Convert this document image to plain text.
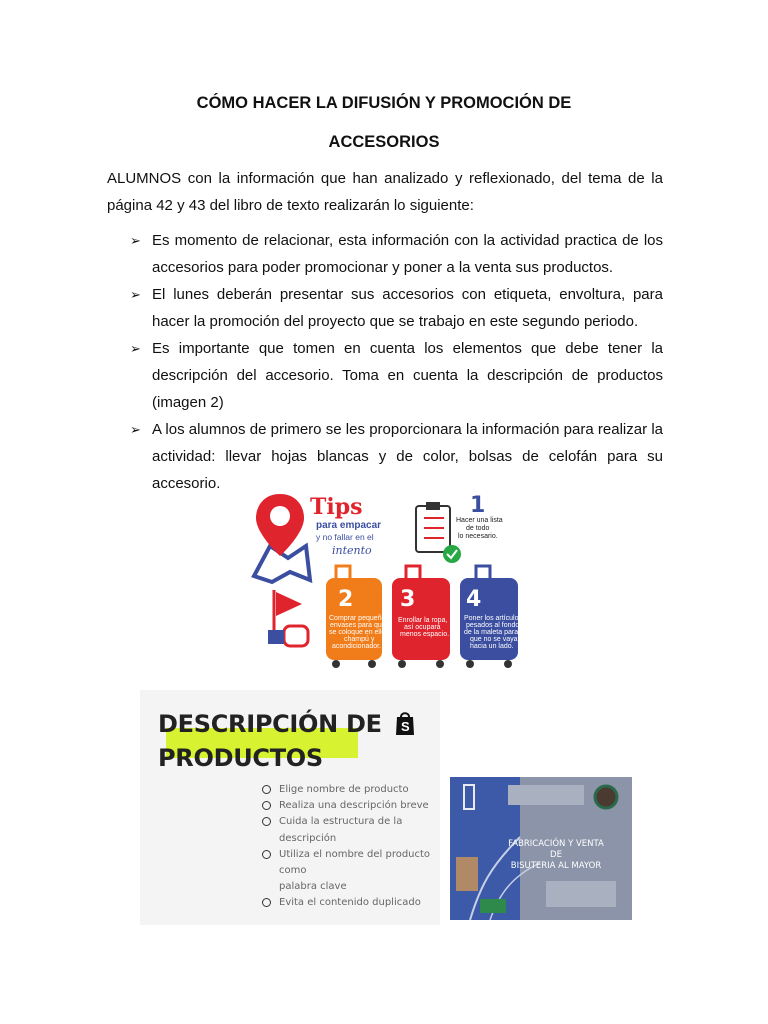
CÓMO HACER LA DIFUSIÓN Y PROMOCIÓN DE
ACCESORIOS

ALUMNOS con la información que han analizado y reflexionado, del tema de la página 42 y 43 del libro de texto realizarán lo siguiente:

➢ Es momento de relacionar, esta información con la actividad practica de los accesorios para poder promocionar y poner a la venta sus productos.
➢ El lunes deberán presentar sus accesorios con etiqueta, envoltura, para hacer la promoción del proyecto que se trabajo en este segundo periodo.
➢ Es importante que tomen en cuenta los elementos que debe tener la descripción del accesorio. Toma en cuenta la descripción de productos (imagen 2)
➢ A los alumnos de primero se les proporcionara la información para realizar la actividad: llevar hojas blancas y de color, bolsas de celofán para su accesorio.
Tips
para empacar
y no fallar en el
intento
1
Hacer una lista
de todo
lo necesario.
2
Comprar pequeños
envases para que
se coloque en ellos
champú y
acondicionador.
3
Enrollar la ropa,
así ocupará
menos espacio.
4
Poner los artículos
pesados al fondo
de la maleta para
que no se vaya
hacia un lado.
DESCRIPCIÓN DE
PRODUCTOS
S
Elige nombre de producto
Realiza una descripción breve
Cuida la estructura de la descripción
Utiliza el nombre del producto como
palabra clave
Evita el contenido duplicado
FABRICACIÓN Y VENTA DE
BISUTERIA AL MAYOR
